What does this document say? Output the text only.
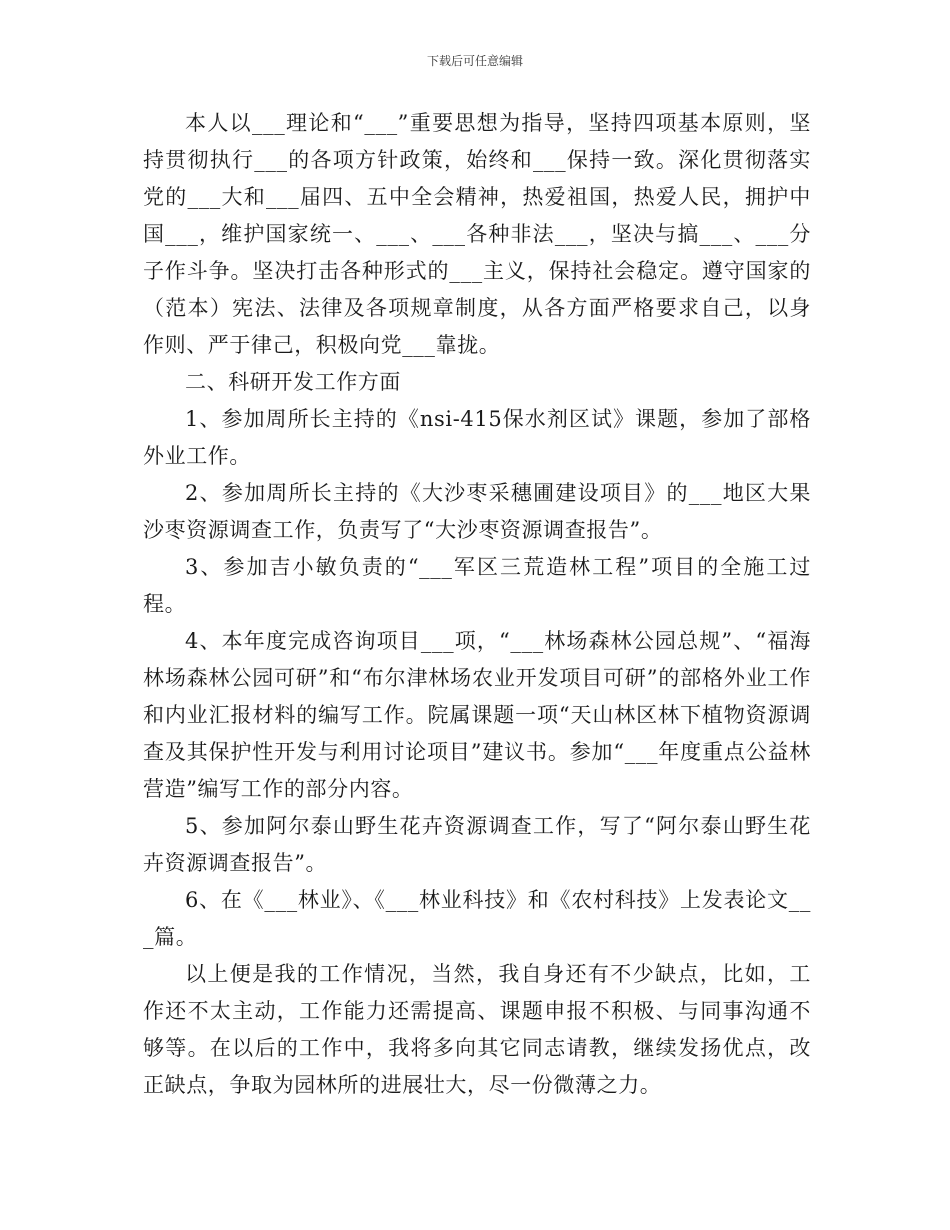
下载后可任意编辑

本人以___理论和“___”重要思想为指导，坚持四项基本原则，坚持贯彻执行___的各项方针政策，始终和___保持一致。深化贯彻落实党的___大和___届四、五中全会精神，热爱祖国，热爱人民，拥护中国___，维护国家统一、___、___各种非法___，坚决与搞___、___分子作斗争。坚决打击各种形式的___主义，保持社会稳定。遵守国家的（范本）宪法、法律及各项规章制度，从各方面严格要求自己，以身作则、严于律己，积极向党___靠拢。

二、科研开发工作方面

1、参加周所长主持的《nsi-415保水剂区试》课题，参加了部格外业工作。

2、参加周所长主持的《大沙枣采穗圃建设项目》的___地区大果沙枣资源调查工作，负责写了“大沙枣资源调查报告”。

3、参加吉小敏负责的“___军区三荒造林工程”项目的全施工过程。

4、本年度完成咨询项目___项，“___林场森林公园总规”、“福海林场森林公园可研”和“布尔津林场农业开发项目可研”的部格外业工作和内业汇报材料的编写工作。院属课题一项“天山林区林下植物资源调查及其保护性开发与利用讨论项目”建议书。参加“___年度重点公益林营造”编写工作的部分内容。

5、参加阿尔泰山野生花卉资源调查工作，写了“阿尔泰山野生花卉资源调查报告”。

6、在《___林业》、《___林业科技》和《农村科技》上发表论文___篇。

以上便是我的工作情况，当然，我自身还有不少缺点，比如，工作还不太主动，工作能力还需提高、课题申报不积极、与同事沟通不够等。在以后的工作中，我将多向其它同志请教，继续发扬优点，改正缺点，争取为园林所的进展壮大，尽一份微薄之力。
